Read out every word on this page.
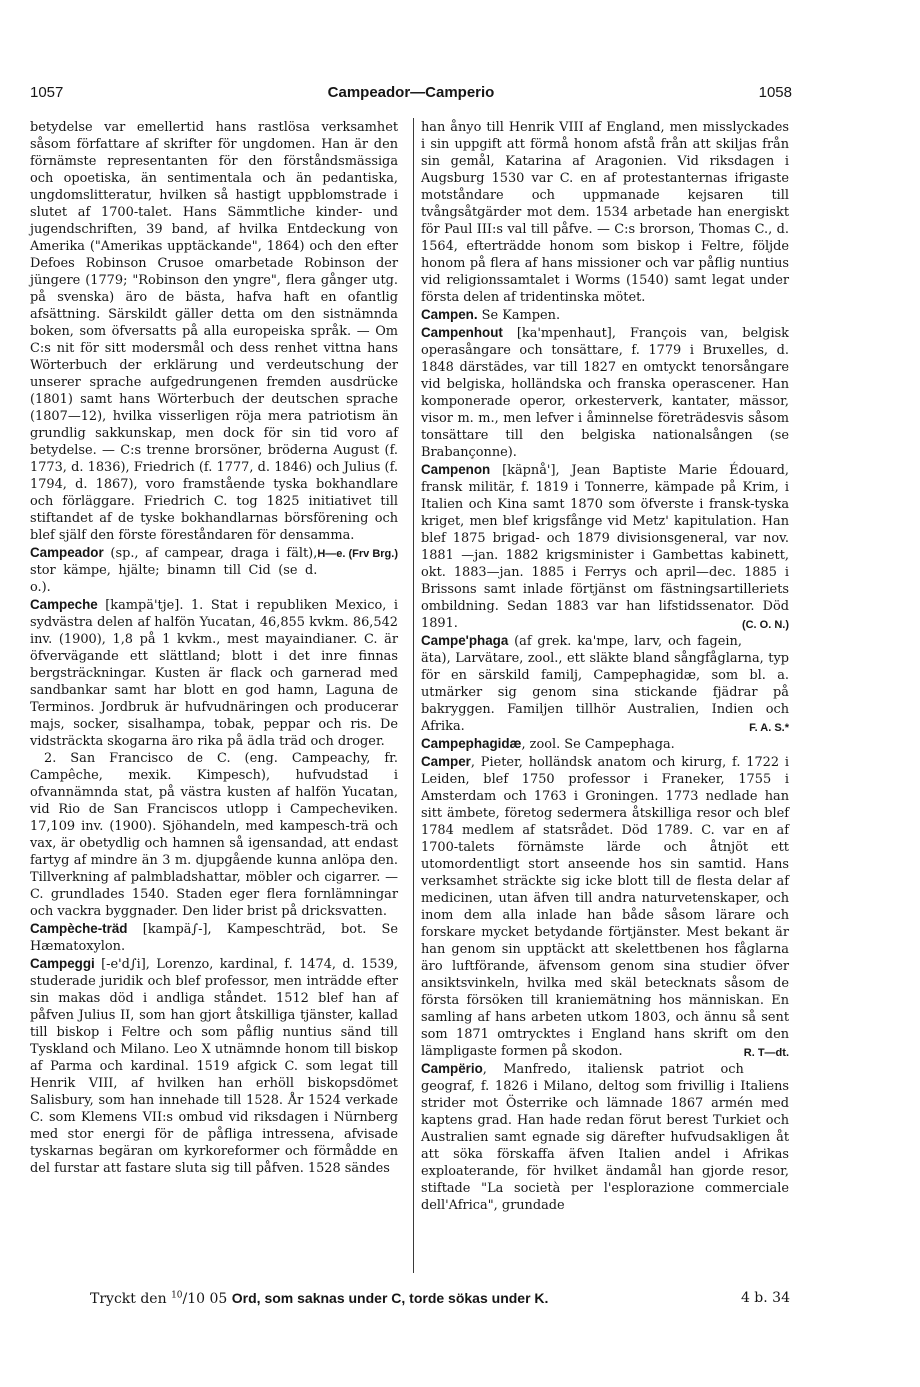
1057	Campeador—Camperio	1058

betydelse var emellertid hans rastlösa verksamhet såsom författare af skrifter för ungdomen. Han är den förnämste representanten för den förståndsmässiga och opoetiska, än sentimentala och än pedantiska, ungdomslitteratur, hvilken så hastigt uppblomstrade i slutet af 1700-talet. Hans Sämmtliche kinder- und jugendschriften, 39 band, af hvilka Entdeckung von Amerika ("Amerikas upptäckande", 1864) och den efter Defoes Robinson Crusoe omarbetade Robinson der jüngere (1779; "Robinson den yngre", flera gånger utg. på svenska) äro de bästa, hafva haft en ofantlig afsättning. Särskildt gäller detta om den sistnämnda boken, som öfversatts på alla europeiska språk. — Om C:s nit för sitt modersmål och dess renhet vittna hans Wörterbuch der erklärung und verdeutschung der unserer sprache aufgedrungenen fremden ausdrücke (1801) samt hans Wörterbuch der deutschen sprache (1807—12), hvilka visserligen röja mera patriotism än grundlig sakkunskap, men dock för sin tid voro af betydelse. — C:s trenne brorsöner, bröderna August (f. 1773, d. 1836), Friedrich (f. 1777, d. 1846) och Julius (f. 1794, d. 1867), voro framstående tyska bokhandlare och förläggare. Friedrich C. tog 1825 initiativet till stiftandet af de tyske bokhandlarnas börsförening och blef själf den förste föreståndaren för densamma.
H—e. (Frv Brg.)

Campeador (sp., af campear, draga i fält), stor kämpe, hjälte; binamn till Cid (se d. o.).

Campeche [kampä'tje]. 1. Stat i republiken Mexico, i sydvästra delen af halfön Yucatan, 46,855 kvkm. 86,542 inv. (1900), 1,8 på 1 kvkm., mest mayaindianer. C. är öfvervägande ett slättland; blott i det inre finnas bergsträckningar. Kusten är flack och garnerad med sandbankar samt har blott en god hamn, Laguna de Terminos. Jordbruk är hufvudnäringen och producerar majs, socker, sisalhampa, tobak, peppar och ris. De vidsträckta skogarna äro rika på ädla träd och droger.

2. San Francisco de C. (eng. Campeachy, fr. Campêche, mexik. Kimpesch), hufvudstad i ofvannämnda stat, på västra kusten af halfön Yucatan, vid Rio de San Franciscos utlopp i Campecheviken. 17,109 inv. (1900). Sjöhandeln, med kampesch-trä och vax, är obetydlig och hamnen så igensandad, att endast fartyg af mindre än 3 m. djupgående kunna anlöpa den. Tillverkning af palmbladshattar, möbler och cigarrer. — C. grundlades 1540. Staden eger flera fornlämningar och vackra byggnader. Den lider brist på dricksvatten.

Campèche-träd [kampä∫-], Kampeschträd, bot. Se Hæmatoxylon.

Campeggi [-e'd∫i], Lorenzo, kardinal, f. 1474, d. 1539, studerade juridik och blef professor, men inträdde efter sin makas död i andliga ståndet. 1512 blef han af påfven Julius II, som han gjort åtskilliga tjänster, kallad till biskop i Feltre och som påflig nuntius sänd till Tyskland och Milano. Leo X utnämnde honom till biskop af Parma och kardinal. 1519 afgick C. som legat till Henrik VIII, af hvilken han erhöll biskopsdömet Salisbury, som han innehade till 1528. År 1524 verkade C. som Klemens VII:s ombud vid riksdagen i Nürnberg med stor energi för de påfliga intressena, afvisade tyskarnas begäran om kyrkoreformer och förmådde en del furstar att fastare sluta sig till påfven. 1528 sändes

han ånyo till Henrik VIII af England, men misslyckades i sin uppgift att förmå honom afstå från att skiljas från sin gemål, Katarina af Aragonien. Vid riksdagen i Augsburg 1530 var C. en af protestanternas ifrigaste motståndare och uppmanade kejsaren till tvångsåtgärder mot dem. 1534 arbetade han energiskt för Paul III:s val till påfve. — C:s brorson, Thomas C., d. 1564, efterträdde honom som biskop i Feltre, följde honom på flera af hans missioner och var påflig nuntius vid religionssamtalet i Worms (1540) samt legat under första delen af tridentinska mötet.

Campen. Se Kampen.

Campenhout [ka'mpenhaut], François van, belgisk operasångare och tonsättare, f. 1779 i Bruxelles, d. 1848 därstädes, var till 1827 en omtyckt tenorsångare vid belgiska, holländska och franska operascener. Han komponerade operor, orkesterverk, kantater, mässor, visor m. m., men lefver i åminnelse företrädesvis såsom tonsättare till den belgiska nationalsången (se Brabançonne).

Campenon [käpnå'], Jean Baptiste Marie Édouard, fransk militär, f. 1819 i Tonnerre, kämpade på Krim, i Italien och Kina samt 1870 som öfverste i fransk-tyska kriget, men blef krigsfånge vid Metz' kapitulation. Han blef 1875 brigad- och 1879 divisionsgeneral, var nov. 1881 —jan. 1882 krigsminister i Gambettas kabinett, okt. 1883—jan. 1885 i Ferrys och april—dec. 1885 i Brissons samt inlade förtjänst om fästningsartilleriets ombildning. Sedan 1883 var han lifstidssenator. Död 1891.	(C. O. N.)

Campe'phaga (af grek. ka'mpe, larv, och fagein, äta), Larvätare, zool., ett släkte bland sångfåglarna, typ för en särskild familj, Campephagidæ, som bl. a. utmärker sig genom sina stickande fjädrar på bakryggen. Familjen tillhör Australien, Indien och Afrika.	F. A. S.*

Campephagidæ, zool. Se Campephaga.

Camper, Pieter, holländsk anatom och kirurg, f. 1722 i Leiden, blef 1750 professor i Franeker, 1755 i Amsterdam och 1763 i Groningen. 1773 nedlade han sitt ämbete, företog sedermera åtskilliga resor och blef 1784 medlem af statsrådet. Död 1789. C. var en af 1700-talets förnämste lärde och åtnjöt ett utomordentligt stort anseende hos sin samtid. Hans verksamhet sträckte sig icke blott till de flesta delar af medicinen, utan äfven till andra naturvetenskaper, och inom dem alla inlade han både såsom lärare och forskare mycket betydande förtjänster. Mest bekant är han genom sin upptäckt att skelettbenen hos fåglarna äro luftförande, äfvensom genom sina studier öfver ansiktsvinkeln, hvilka med skäl betecknats såsom de första försöken till kraniemätning hos människan. En samling af hans arbeten utkom 1803, och ännu så sent som 1871 omtrycktes i England hans skrift om den lämpligaste formen på skodon.	R. T—dt.

Campërio, Manfredo, italiensk patriot och geograf, f. 1826 i Milano, deltog som frivillig i Italiens strider mot Österrike och lämnade 1867 armén med kaptens grad. Han hade redan förut berest Turkiet och Australien samt egnade sig därefter hufvudsakligen åt att söka förskaffa äfven Italien andel i Afrikas exploaterande, för hvilket ändamål han gjorde resor, stiftade "La società per l'esplorazione commerciale dell'Africa", grundade

Tryckt den $^{10}$/10 05 Ord, som saknas under C, torde sökas under K.	4 b. 34
